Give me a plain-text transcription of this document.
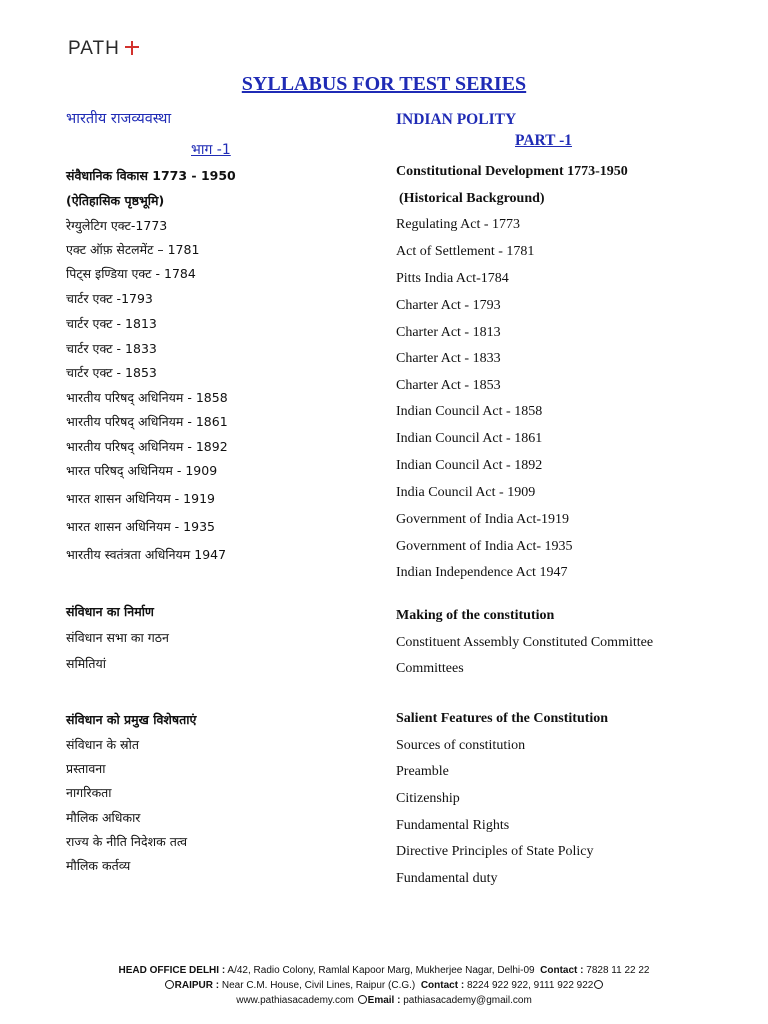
PATH
SYLLABUS FOR TEST SERIES
भारतीय राजव्यवस्था
भाग -1
INDIAN POLITY
PART -1
संवैधानिक विकास 1773 - 1950
(ऐतिहासिक पृष्ठभूमि)
रेग्युलेटिग एक्ट-1773
एक्ट ऑफ़ सेटलमेंट – 1781
पिट्स इण्डिया एक्ट - 1784
चार्टर एक्ट -1793
चार्टर एक्ट - 1813
चार्टर एक्ट - 1833
चार्टर एक्ट - 1853
भारतीय परिषद् अधिनियम - 1858
भारतीय परिषद् अधिनियम - 1861
भारतीय परिषद् अधिनियम - 1892
भारत परिषद् अधिनियम - 1909
भारत शासन अधिनियम - 1919
भारत शासन अधिनियम - 1935
भारतीय स्वतंत्रता अधिनियम 1947
संविधान का निर्माण
संविधान सभा का गठन
समितियां
संविधान को प्रमुख विशेषताएं
संविधान के स्रोत
प्रस्तावना
नागरिकता
मौलिक अधिकार
राज्य के नीति निदेशक तत्व
मौलिक कर्तव्य
Constitutional Development 1773-1950
(Historical Background)
Regulating Act - 1773
Act of Settlement - 1781
Pitts India Act-1784
Charter Act - 1793
Charter Act - 1813
Charter Act - 1833
Charter Act - 1853
Indian Council Act - 1858
Indian Council Act - 1861
Indian Council Act - 1892
India Council Act - 1909
Government of India Act-1919
Government of India Act- 1935
Indian Independence Act 1947
Making of the constitution
Constituent Assembly Constituted Committee
Committees
Salient Features of the Constitution
Sources of constitution
Preamble
Citizenship
Fundamental Rights
Directive Principles of State Policy
Fundamental duty
HEAD OFFICE DELHI : A/42, Radio Colony, Ramlal Kapoor Marg, Mukherjee Nagar, Delhi-09 Contact : 7828 11 22 22
RAIPUR : Near C.M. House, Civil Lines, Raipur (C.G.) Contact : 8224 922 922, 9111 922 922
www.pathiasacademy.com Email : pathiasacademy@gmail.com
